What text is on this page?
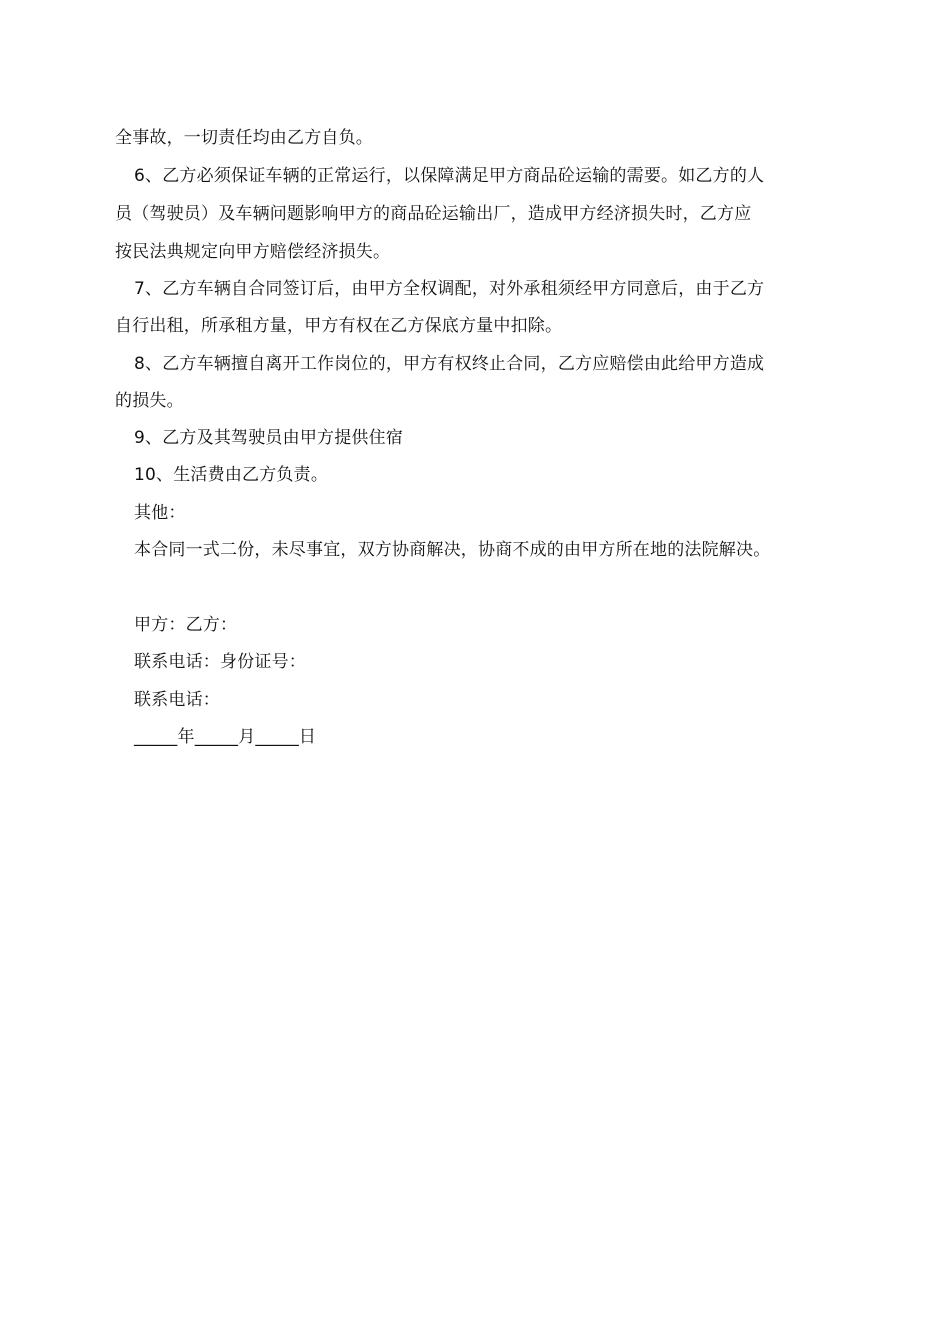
全事故，一切责任均由乙方自负。
6、乙方必须保证车辆的正常运行，以保障满足甲方商品砼运输的需要。如乙方的人
员（驾驶员）及车辆问题影响甲方的商品砼运输出厂，造成甲方经济损失时，乙方应
按民法典规定向甲方赔偿经济损失。
7、乙方车辆自合同签订后，由甲方全权调配，对外承租须经甲方同意后，由于乙方
自行出租，所承租方量，甲方有权在乙方保底方量中扣除。
8、乙方车辆擅自离开工作岗位的，甲方有权终止合同，乙方应赔偿由此给甲方造成
的损失。
9、乙方及其驾驶员由甲方提供住宿
10、生活费由乙方负责。
其他：
本合同一式二份，未尽事宜，双方协商解决，协商不成的由甲方所在地的法院解决。
甲方：乙方：
联系电话：身份证号：
联系电话：
_____年_____月_____日
